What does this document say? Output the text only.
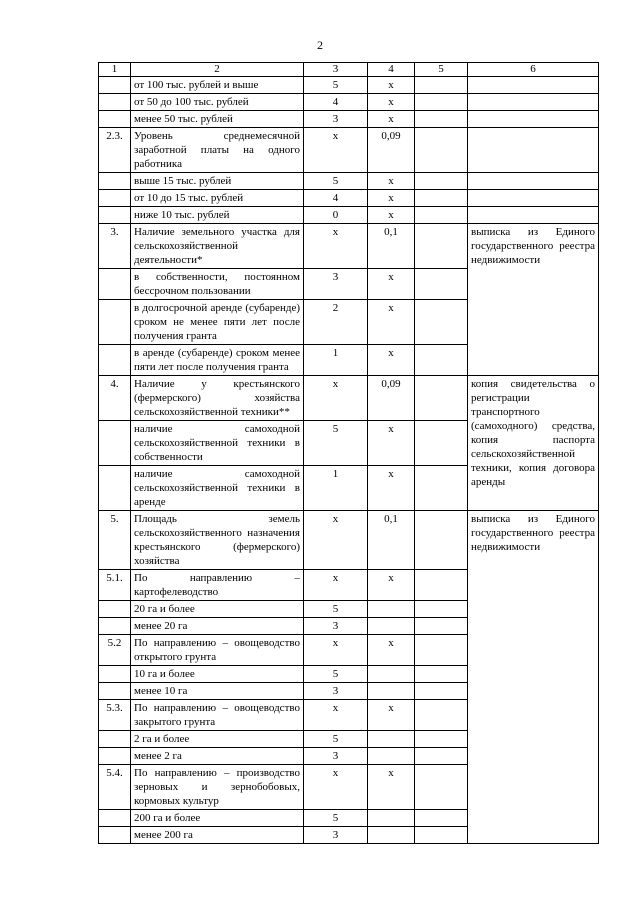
2
1	2	3	4	5	6
	от 100 тыс. рублей и выше	5	х		
	от 50 до 100 тыс. рублей	4	х		
	менее 50 тыс. рублей	3	х		
2.3.	Уровень среднемесячной заработной платы на одного работника	х	0,09		
	выше 15 тыс. рублей	5	х		
	от 10 до 15 тыс. рублей	4	х		
	ниже 10 тыс. рублей	0	х		
3.	Наличие земельного участка для сельскохозяйственной деятельности*	х	0,1		выписка из Единого государственного реестра недвижимости
	в собственности, постоянном бессрочном пользовании	3	х		
	в долгосрочной аренде (субаренде) сроком не менее пяти лет после получения гранта	2	х		
	в аренде (субаренде) сроком менее пяти лет после получения гранта	1	х		
4.	Наличие у крестьянского (фермерского) хозяйства сельскохозяйственной техники**	х	0,09		копия свидетельства о регистрации транспортного (самоходного) средства, копия паспорта сельскохозяйственной техники, копия договора аренды
	наличие самоходной сельскохозяйственной техники в собственности	5	х		
	наличие самоходной сельскохозяйственной техники в аренде	1	х		
5.	Площадь земель сельскохозяйственного назначения крестьянского (фермерского) хозяйства	х	0,1		выписка из Единого государственного реестра недвижимости
5.1.	По направлению – картофелеводство	х	х		
	20 га и более	5			
	менее 20 га	3			
5.2	По направлению – овощеводство открытого грунта	х	х		
	10 га и более	5			
	менее 10 га	3			
5.3.	По направлению – овощеводство закрытого грунта	х	х		
	2 га и более	5			
	менее 2 га	3			
5.4.	По направлению – производство зерновых и зернобобовых, кормовых культур	х	х		
	200 га и более	5			
	менее 200 га	3			
